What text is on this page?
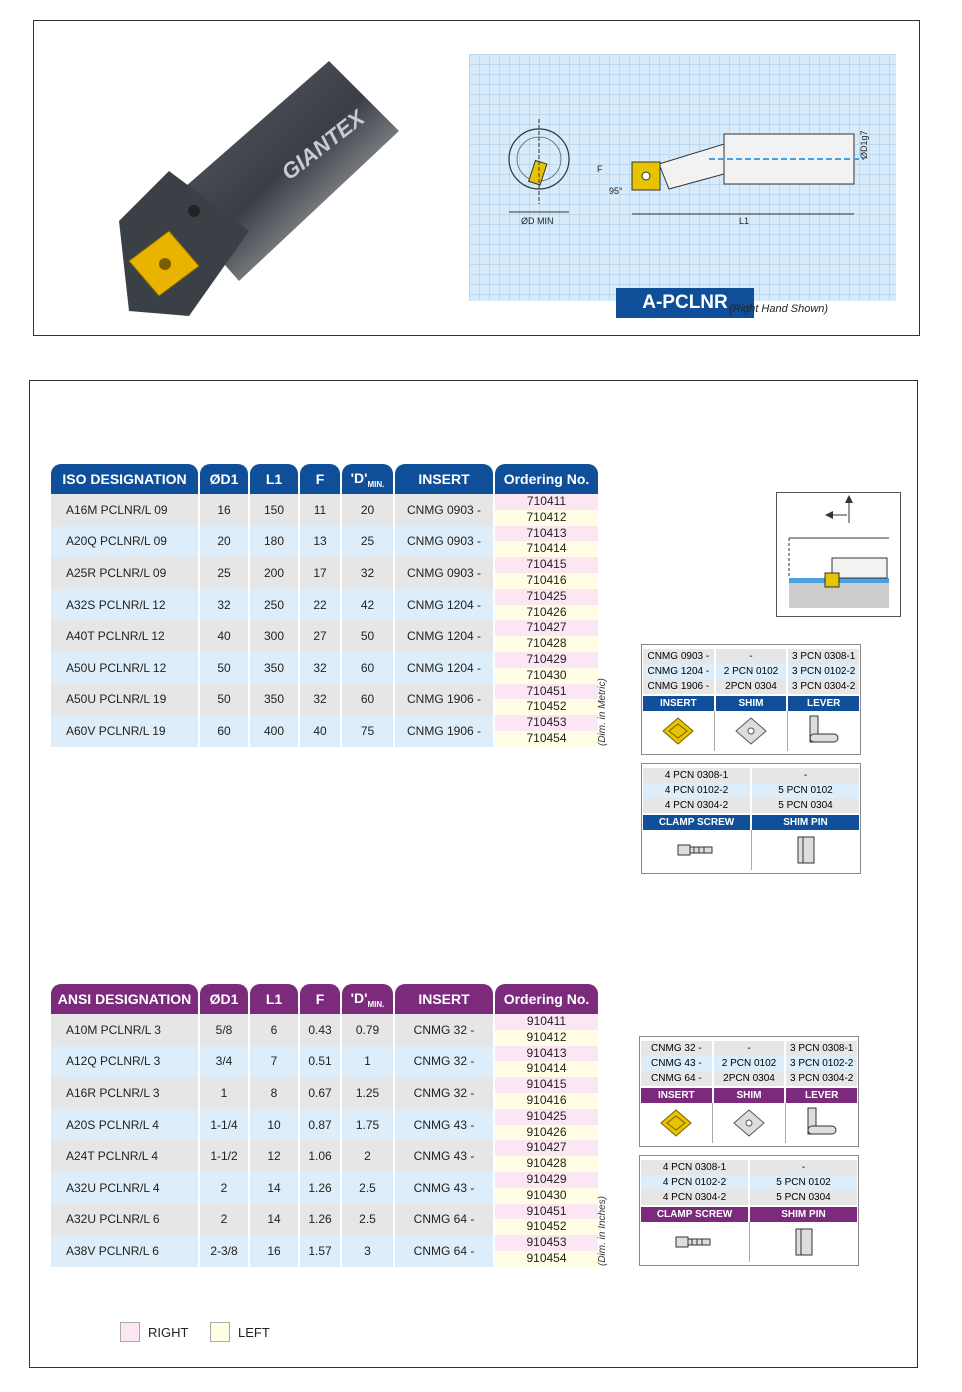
GIANTEX
ØD MIN	L1
F
95°
ØD1g7
A-PCLNR (Right Hand Shown)
ISO DESIGNATION	ØD1	L1	F	'$D'_{MIN.}$	INSERT	Ordering No.
A16M PCLNR/L 09	16	150	11	20	CNMG 0903 -	710411
710412

A20Q PCLNR/L 09	20	180	13	25	CNMG 0903 -	710413
710414

A25R PCLNR/L 09	25	200	17	32	CNMG 0903 -	710415
710416

A32S PCLNR/L 12	32	250	22	42	CNMG 1204 -	710425
710426

A40T PCLNR/L 12	40	300	27	50	CNMG 1204 -	710427
710428

A50U PCLNR/L 12	50	350	32	60	CNMG 1204 -	710429
710430

A50U PCLNR/L 19	50	350	32	60	CNMG 1906 -	710451
710452

A60V PCLNR/L 19	60	400	40	75	CNMG 1906 -	710453
710454	(Dim. in Metric)
ANSI DESIGNATION	ØD1	L1	F	'$D'_{MIN.}$	INSERT	Ordering No.
A10M PCLNR/L 3	5/8	6	0.43	0.79	CNMG 32 -	910411
910412

A12Q PCLNR/L 3	3/4	7	0.51	1	CNMG 32 -	910413
910414

A16R PCLNR/L 3	1	8	0.67	1.25	CNMG 32 -	910415
910416

A20S PCLNR/L 4	1-1/4	10	0.87	1.75	CNMG 43 -	910425
910426

A24T PCLNR/L 4	1-1/2	12	1.06	2	CNMG 43 -	910427
910428

A32U PCLNR/L 4	2	14	1.26	2.5	CNMG 43 -	910429
910430

A32U PCLNR/L 6	2	14	1.26	2.5	CNMG 64 -	910451
910452

A38V PCLNR/L 6	2-3/8	16	1.57	3	CNMG 64 -	910453
910454	(Dim. in Inches)
CNMG 0903 -	-	3 PCN 0308-1
CNMG 1204 -	2 PCN 0102	3 PCN 0102-2
CNMG 1906 -	2PCN 0304	3 PCN 0304-2
INSERT	SHIM	LEVER
4 PCN 0308-1	-
4 PCN 0102-2	5 PCN 0102
4 PCN 0304-2	5 PCN 0304
CLAMP SCREW	SHIM PIN
CNMG 32 -	-	3 PCN 0308-1
CNMG 43 -	2 PCN 0102	3 PCN 0102-2
CNMG 64 -	2PCN 0304	3 PCN 0304-2
INSERT	SHIM	LEVER
4 PCN 0308-1	-
4 PCN 0102-2	5 PCN 0102
4 PCN 0304-2	5 PCN 0304
CLAMP SCREW	SHIM PIN
RIGHT	LEFT
